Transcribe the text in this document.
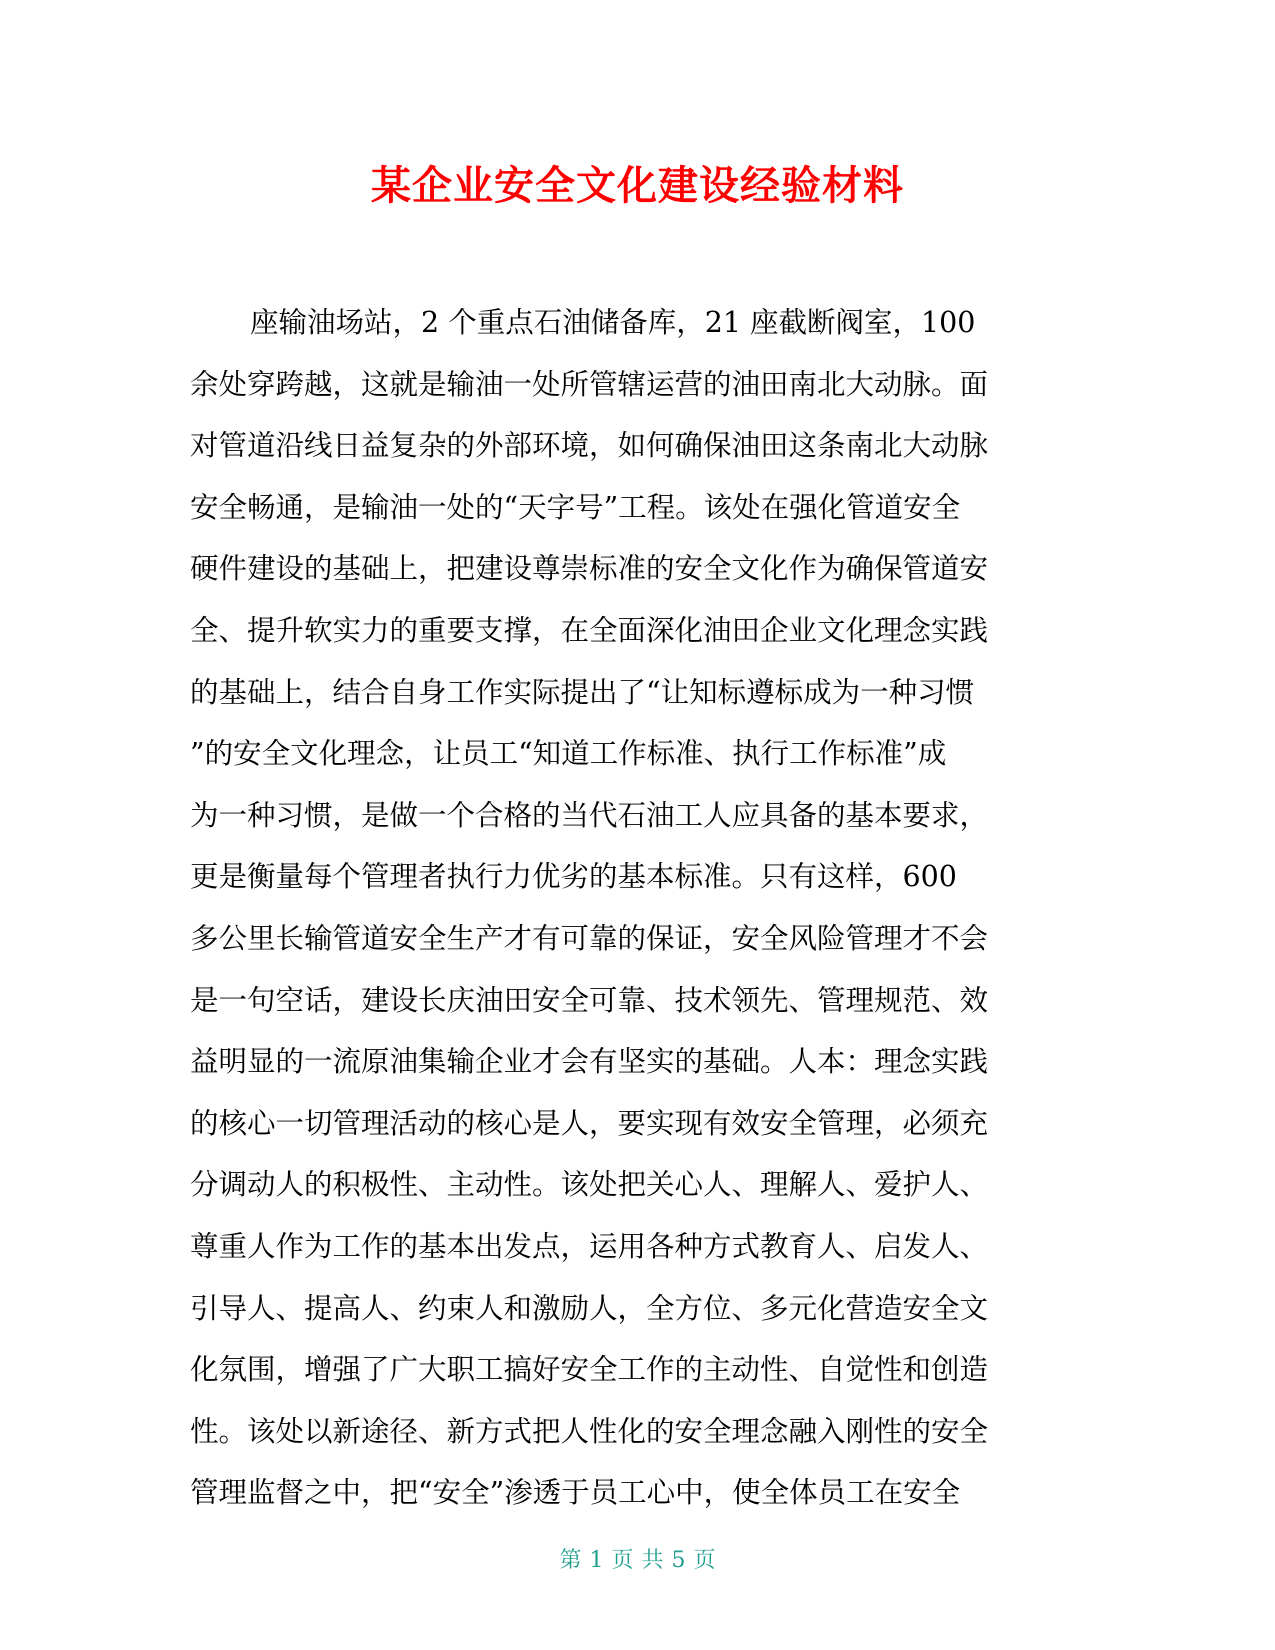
某企业安全文化建设经验材料
座输油场站，2 个重点石油储备库，21 座截断阀室，100
余处穿跨越，这就是输油一处所管辖运营的油田南北大动脉。面
对管道沿线日益复杂的外部环境，如何确保油田这条南北大动脉
安全畅通，是输油一处的“天字号”工程。该处在强化管道安全
硬件建设的基础上，把建设尊崇标准的安全文化作为确保管道安
全、提升软实力的重要支撑，在全面深化油田企业文化理念实践
的基础上，结合自身工作实际提出了“让知标遵标成为一种习惯
”的安全文化理念，让员工“知道工作标准、执行工作标准”成
为一种习惯，是做一个合格的当代石油工人应具备的基本要求，
更是衡量每个管理者执行力优劣的基本标准。只有这样，600
多公里长输管道安全生产才有可靠的保证，安全风险管理才不会
是一句空话，建设长庆油田安全可靠、技术领先、管理规范、效
益明显的一流原油集输企业才会有坚实的基础。人本：理念实践
的核心一切管理活动的核心是人，要实现有效安全管理，必须充
分调动人的积极性、主动性。该处把关心人、理解人、爱护人、
尊重人作为工作的基本出发点，运用各种方式教育人、启发人、
引导人、提高人、约束人和激励人，全方位、多元化营造安全文
化氛围，增强了广大职工搞好安全工作的主动性、自觉性和创造
性。该处以新途径、新方式把人性化的安全理念融入刚性的安全
管理监督之中，把“安全”渗透于员工心中，使全体员工在安全
第 1 页 共 5 页
